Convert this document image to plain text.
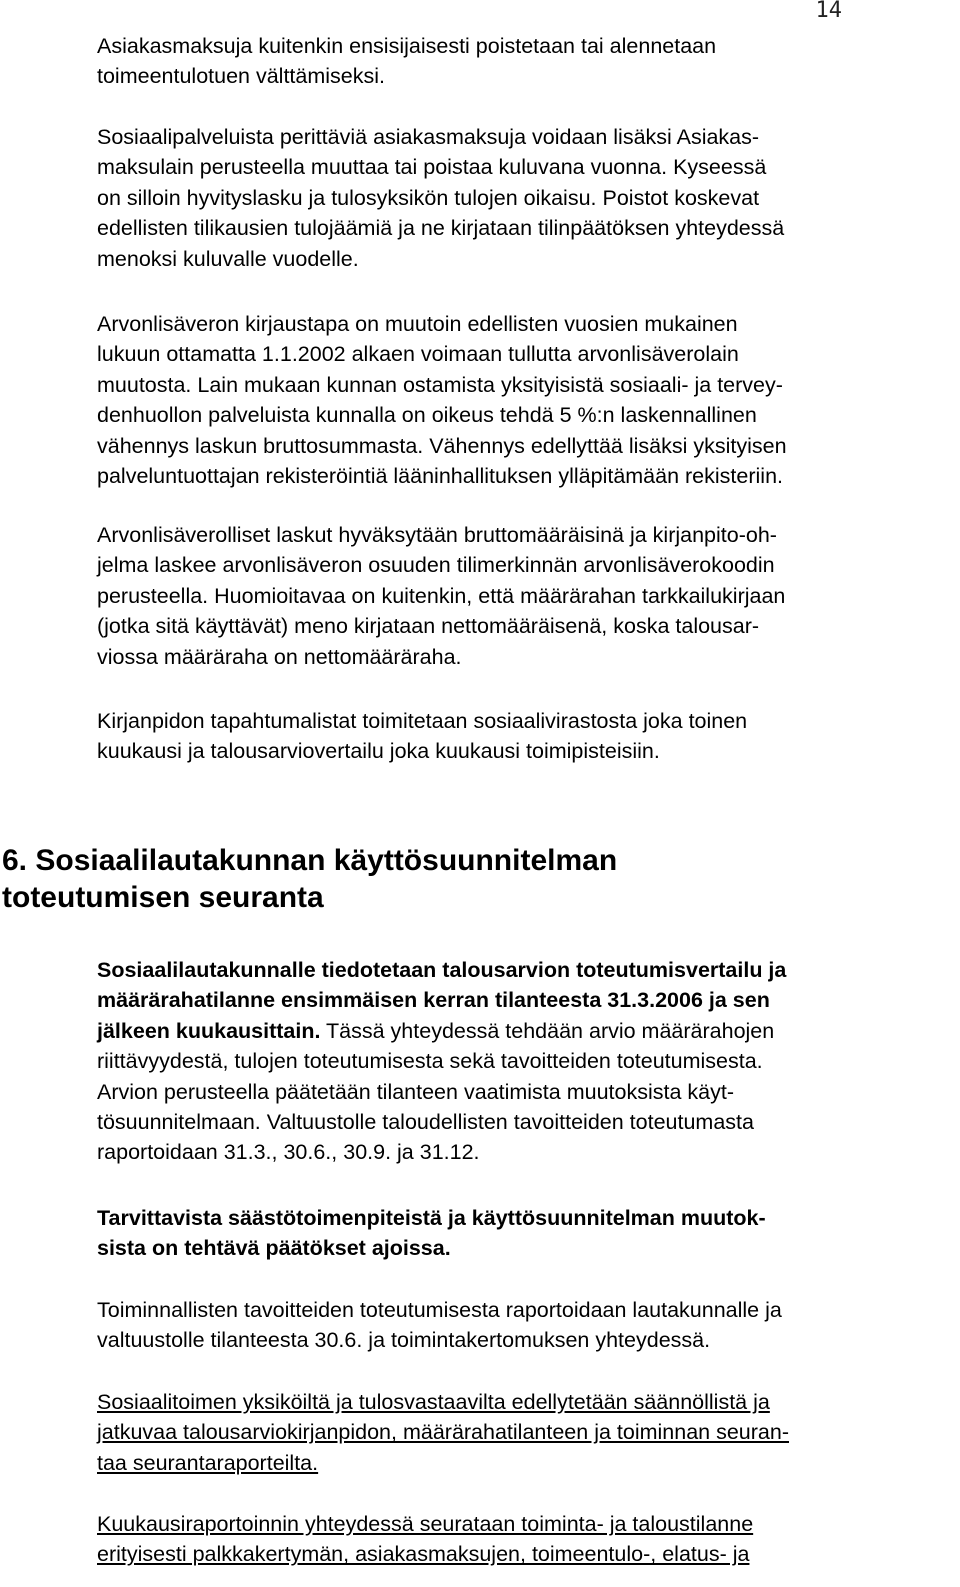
14

Asiakasmaksuja kuitenkin ensisijaisesti poistetaan tai alennetaan
toimeentulotuen välttämiseksi.

Sosiaalipalveluista perittäviä asiakasmaksuja voidaan lisäksi Asiakas-
maksulain perusteella muuttaa tai poistaa kuluvana vuonna. Kyseessä
on silloin hyvityslasku ja tulosyksikön tulojen oikaisu. Poistot koskevat
edellisten tilikausien tulojäämiä ja ne kirjataan tilinpäätöksen yhteydessä
menoksi kuluvalle vuodelle.

Arvonlisäveron kirjaustapa on muutoin edellisten vuosien mukainen
lukuun ottamatta 1.1.2002 alkaen voimaan tullutta arvonlisäverolain
muutosta. Lain mukaan kunnan ostamista yksityisistä sosiaali- ja tervey-
denhuollon palveluista kunnalla on oikeus tehdä 5 %:n laskennallinen
vähennys laskun bruttosummasta. Vähennys edellyttää lisäksi yksityisen
palveluntuottajan rekisteröintiä lääninhallituksen ylläpitämään rekisteriin.

Arvonlisäverolliset laskut hyväksytään bruttomääräisinä ja kirjanpito-oh-
jelma laskee arvonlisäveron osuuden tilimerkinnän arvonlisäverokoodin
perusteella. Huomioitavaa on kuitenkin, että määrärahan tarkkailukirjaan
(jotka sitä käyttävät) meno kirjataan nettomääräisenä, koska talousar-
viossa määräraha on nettomääräraha.

Kirjanpidon tapahtumalistat toimitetaan sosiaalivirastosta joka toinen
kuukausi ja talousarviovertailu joka kuukausi toimipisteisiin.

6. Sosiaalilautakunnan käyttösuunnitelman
toteutumisen seuranta

Sosiaalilautakunnalle tiedotetaan talousarvion toteutumisvertailu ja
määrärahatilanne ensimmäisen kerran tilanteesta 31.3.2006 ja sen
jälkeen kuukausittain. Tässä yhteydessä tehdään arvio määrärahojen
riittävyydestä, tulojen toteutumisesta sekä tavoitteiden toteutumisesta.
Arvion perusteella päätetään tilanteen vaatimista muutoksista käyt-
tösuunnitelmaan. Valtuustolle taloudellisten tavoitteiden toteutumasta
raportoidaan 31.3., 30.6., 30.9. ja 31.12.

Tarvittavista säästötoimenpiteistä ja käyttösuunnitelman muutok-
sista on tehtävä päätökset ajoissa.

Toiminnallisten tavoitteiden toteutumisesta raportoidaan lautakunnalle ja
valtuustolle tilanteesta 30.6. ja toimintakertomuksen yhteydessä.

Sosiaalitoimen yksiköiltä ja tulosvastaavilta edellytetään säännöllistä ja
jatkuvaa talousarviokirjanpidon, määrärahatilanteen ja toiminnan seuran-
taa seurantaraporteilta.

Kuukausiraportoinnin yhteydessä seurataan toiminta- ja taloustilanne
erityisesti palkkakertymän, asiakasmaksujen, toimeentulo-, elatus- ja
